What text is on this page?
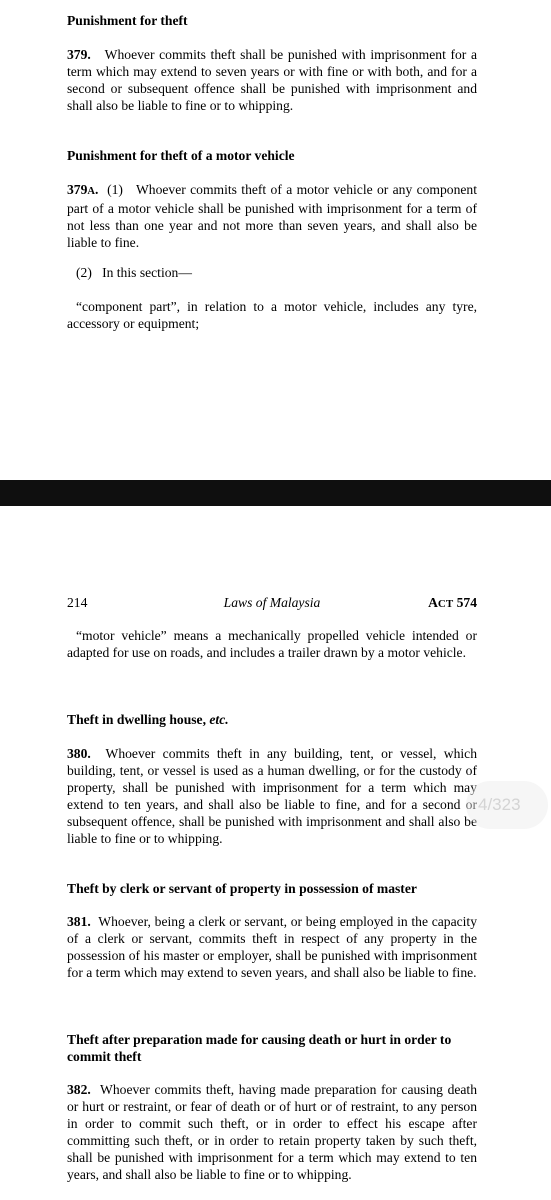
Punishment for theft

379. Whoever commits theft shall be punished with imprisonment for a term which may extend to seven years or with fine or with both, and for a second or subsequent offence shall be punished with imprisonment and shall also be liable to fine or to whipping.

Punishment for theft of a motor vehicle

379A. (1) Whoever commits theft of a motor vehicle or any component part of a motor vehicle shall be punished with imprisonment for a term of not less than one year and not more than seven years, and shall also be liable to fine.

(2) In this section—

“component part”, in relation to a motor vehicle, includes any tyre, accessory or equipment;

214	Laws of Malaysia	ACT 574

“motor vehicle” means a mechanically propelled vehicle intended or adapted for use on roads, and includes a trailer drawn by a motor vehicle.

Theft in dwelling house, etc.

380. Whoever commits theft in any building, tent, or vessel, which building, tent, or vessel is used as a human dwelling, or for the custody of property, shall be punished with imprisonment for a term which may extend to ten years, and shall also be liable to fine, and for a second or subsequent offence, shall be punished with imprisonment and shall also be liable to fine or to whipping.

Theft by clerk or servant of property in possession of master

381. Whoever, being a clerk or servant, or being employed in the capacity of a clerk or servant, commits theft in respect of any property in the possession of his master or employer, shall be punished with imprisonment for a term which may extend to seven years, and shall also be liable to fine.

Theft after preparation made for causing death or hurt in order to commit theft

382. Whoever commits theft, having made preparation for causing death or hurt or restraint, or fear of death or of hurt or of restraint, to any person in order to commit such theft, or in order to effect his escape after committing such theft, or in order to retain property taken by such theft, shall be punished with imprisonment for a term which may extend to ten years, and shall also be liable to fine or to whipping.

4/323
